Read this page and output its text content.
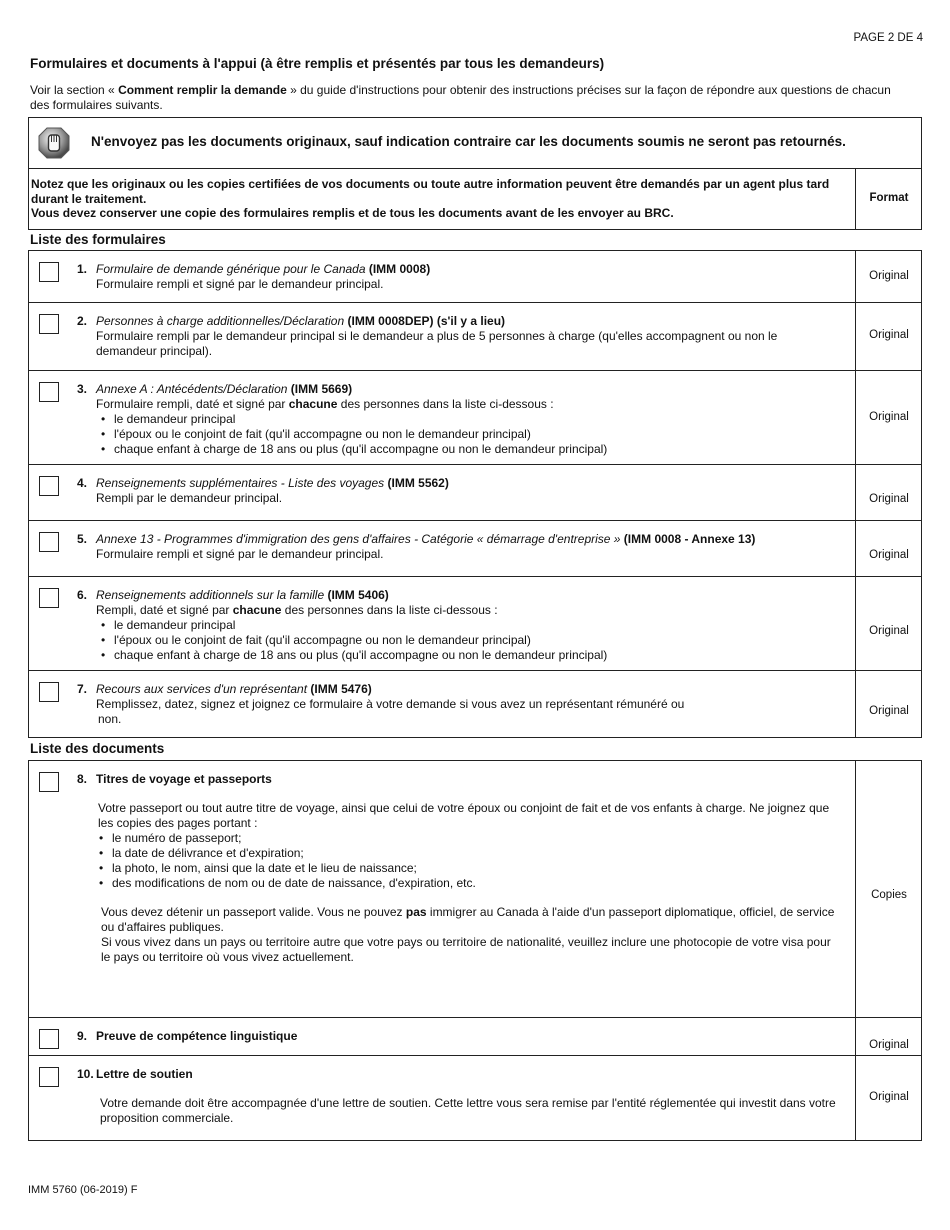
PAGE 2 DE 4
Formulaires et documents à l'appui (à être remplis et présentés par tous les demandeurs)
Voir la section « Comment remplir la demande » du guide d'instructions pour obtenir des instructions précises sur la façon de répondre aux questions de chacun des formulaires suivants.
N'envoyez pas les documents originaux, sauf indication contraire car les documents soumis ne seront pas retournés.
Notez que les originaux ou les copies certifiées de vos documents ou toute autre information peuvent être demandés par un agent plus tard durant le traitement.
Vous devez conserver une copie des formulaires remplis et de tous les documents avant de les envoyer au BRC.
Format
Liste des formulaires
1. Formulaire de demande générique pour le Canada (IMM 0008)
Formulaire rempli et signé par le demandeur principal.
Original
2. Personnes à charge additionnelles/Déclaration (IMM 0008DEP) (s'il y a lieu)
Formulaire rempli par le demandeur principal si le demandeur a plus de 5 personnes à charge (qu'elles accompagnent ou non le demandeur principal).
Original
3. Annexe A : Antécédents/Déclaration (IMM 5669)
Formulaire rempli, daté et signé par chacune des personnes dans la liste ci-dessous :
• le demandeur principal
• l'époux ou le conjoint de fait (qu'il accompagne ou non le demandeur principal)
• chaque enfant à charge de 18 ans ou plus (qu'il accompagne ou non le demandeur principal)
Original
4. Renseignements supplémentaires - Liste des voyages (IMM 5562)
Rempli par le demandeur principal.	Original
5. Annexe 13 - Programmes d'immigration des gens d'affaires - Catégorie « démarrage d'entreprise » (IMM 0008 - Annexe 13)
Formulaire rempli et signé par le demandeur principal.	Original
6. Renseignements additionnels sur la famille (IMM 5406)
Rempli, daté et signé par chacune des personnes dans la liste ci-dessous :
• le demandeur principal
• l'époux ou le conjoint de fait (qu'il accompagne ou non le demandeur principal)
• chaque enfant à charge de 18 ans ou plus (qu'il accompagne ou non le demandeur principal)
Original
7. Recours aux services d'un représentant (IMM 5476)
Remplissez, datez, signez et joignez ce formulaire à votre demande si vous avez un représentant rémunéré ou
non.
Original
Liste des documents
8. Titres de voyage et passeports
Votre passeport ou tout autre titre de voyage, ainsi que celui de votre époux ou conjoint de fait et de vos enfants à charge. Ne joignez que les copies des pages portant :
• le numéro de passeport;
• la date de délivrance et d'expiration;
• la photo, le nom, ainsi que la date et le lieu de naissance;
• des modifications de nom ou de date de naissance, d'expiration, etc.
Vous devez détenir un passeport valide. Vous ne pouvez pas immigrer au Canada à l'aide d'un passeport diplomatique, officiel, de service ou d'affaires publiques.
Si vous vivez dans un pays ou territoire autre que votre pays ou territoire de nationalité, veuillez inclure une photocopie de votre visa pour le pays ou territoire où vous vivez actuellement.
Copies
9. Preuve de compétence linguistique
Original
10. Lettre de soutien
Votre demande doit être accompagnée d'une lettre de soutien. Cette lettre vous sera remise par l'entité réglementée qui investit dans votre proposition commerciale.
Original
IMM 5760 (06-2019) F
